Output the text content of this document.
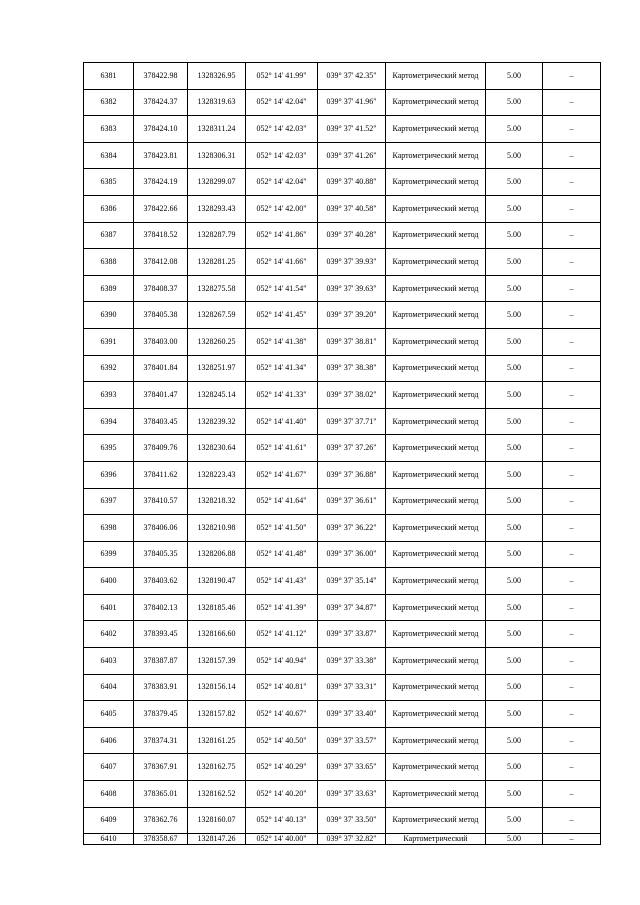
6381	378422.98	1328326.95	052° 14' 41.99"	039° 37' 42.35"	Картометрический метод	5.00	–
6382	378424.37	1328319.63	052° 14' 42.04"	039° 37' 41.96"	Картометрический метод	5.00	–
6383	378424.10	1328311.24	052° 14' 42.03"	039° 37' 41.52"	Картометрический метод	5.00	–
6384	378423.81	1328306.31	052° 14' 42.03"	039° 37' 41.26"	Картометрический метод	5.00	–
6385	378424.19	1328299.07	052° 14' 42.04"	039° 37' 40.88"	Картометрический метод	5.00	–
6386	378422.66	1328293.43	052° 14' 42.00"	039° 37' 40.58"	Картометрический метод	5.00	–
6387	378418.52	1328287.79	052° 14' 41.86"	039° 37' 40.28"	Картометрический метод	5.00	–
6388	378412.08	1328281.25	052° 14' 41.66"	039° 37' 39.93"	Картометрический метод	5.00	–
6389	378408.37	1328275.58	052° 14' 41.54"	039° 37' 39.63"	Картометрический метод	5.00	–
6390	378405.38	1328267.59	052° 14' 41.45"	039° 37' 39.20"	Картометрический метод	5.00	–
6391	378403.00	1328260.25	052° 14' 41.38"	039° 37' 38.81"	Картометрический метод	5.00	–
6392	378401.84	1328251.97	052° 14' 41.34"	039° 37' 38.38"	Картометрический метод	5.00	–
6393	378401.47	1328245.14	052° 14' 41.33"	039° 37' 38.02"	Картометрический метод	5.00	–
6394	378403.45	1328239.32	052° 14' 41.40"	039° 37' 37.71"	Картометрический метод	5.00	–
6395	378409.76	1328230.64	052° 14' 41.61"	039° 37' 37.26"	Картометрический метод	5.00	–
6396	378411.62	1328223.43	052° 14' 41.67"	039° 37' 36.88"	Картометрический метод	5.00	–
6397	378410.57	1328218.32	052° 14' 41.64"	039° 37' 36.61"	Картометрический метод	5.00	–
6398	378406.06	1328210.98	052° 14' 41.50"	039° 37' 36.22"	Картометрический метод	5.00	–
6399	378405.35	1328206.88	052° 14' 41.48"	039° 37' 36.00"	Картометрический метод	5.00	–
6400	378403.62	1328190.47	052° 14' 41.43"	039° 37' 35.14"	Картометрический метод	5.00	–
6401	378402.13	1328185.46	052° 14' 41.39"	039° 37' 34.87"	Картометрический метод	5.00	–
6402	378393.45	1328166.60	052° 14' 41.12"	039° 37' 33.87"	Картометрический метод	5.00	–
6403	378387.87	1328157.39	052° 14' 40.94"	039° 37' 33.38"	Картометрический метод	5.00	–
6404	378383.91	1328156.14	052° 14' 40.81"	039° 37' 33.31"	Картометрический метод	5.00	–
6405	378379.45	1328157.82	052° 14' 40.67"	039° 37' 33.40"	Картометрический метод	5.00	–
6406	378374.31	1328161.25	052° 14' 40.50"	039° 37' 33.57"	Картометрический метод	5.00	–
6407	378367.91	1328162.75	052° 14' 40.29"	039° 37' 33.65"	Картометрический метод	5.00	–
6408	378365.01	1328162.52	052° 14' 40.20"	039° 37' 33.63"	Картометрический метод	5.00	–
6409	378362.76	1328160.07	052° 14' 40.13"	039° 37' 33.50"	Картометрический метод	5.00	–
6410	378358.67	1328147.26	052° 14' 40.00"	039° 37' 32.82"	Картометрический	5.00	–
